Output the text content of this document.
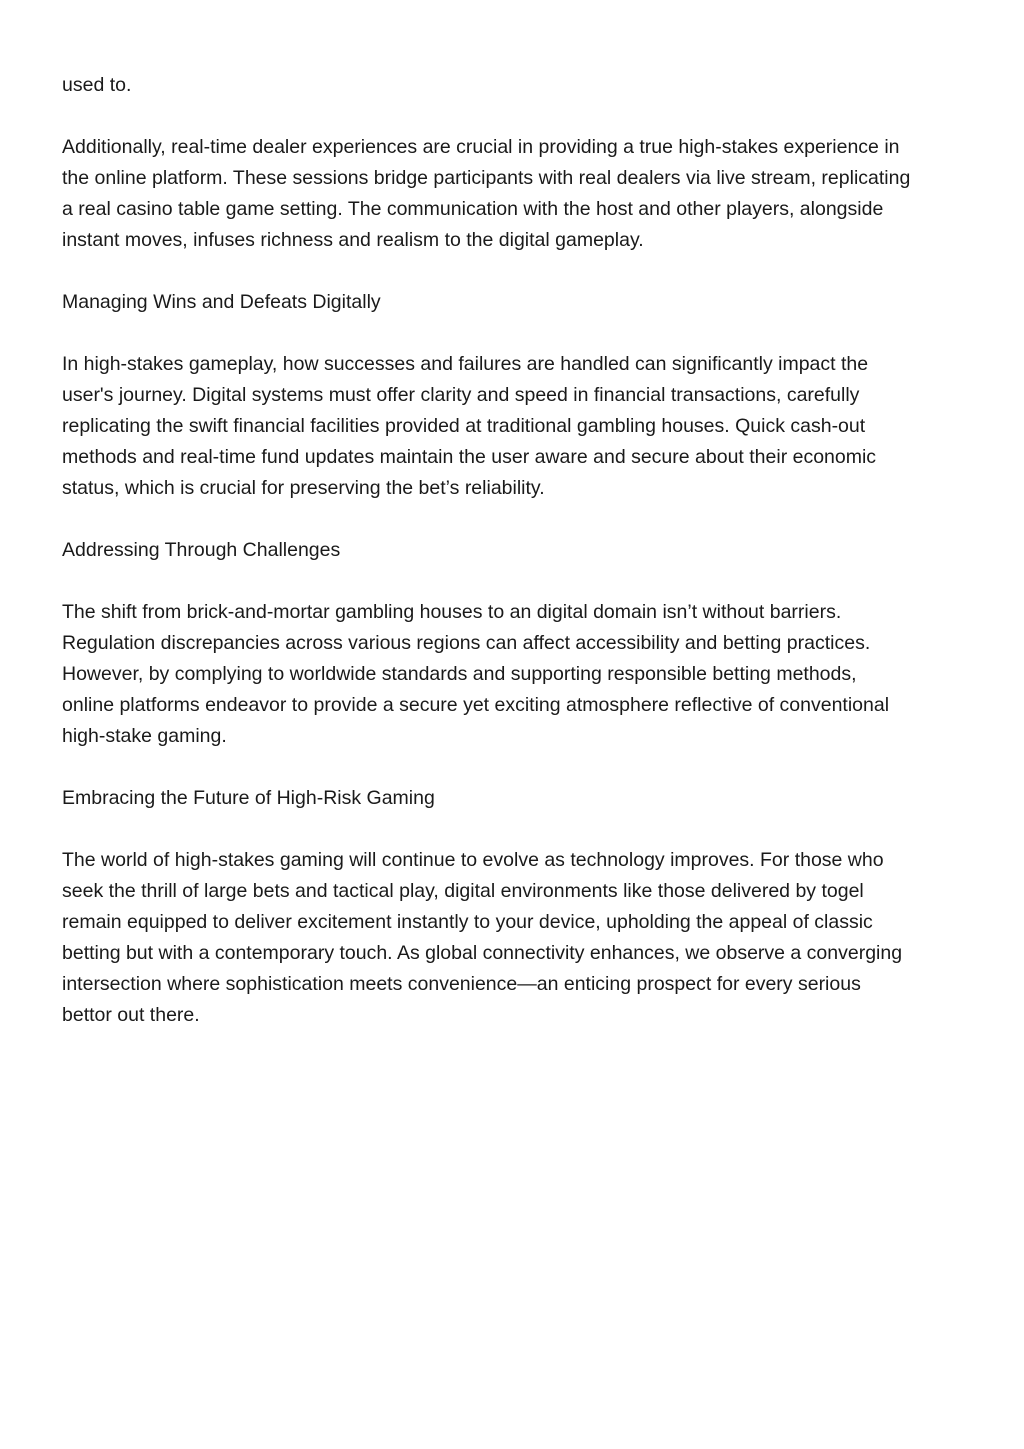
used to.

Additionally, real-time dealer experiences are crucial in providing a true high-stakes experience in
the online platform. These sessions bridge participants with real dealers via live stream, replicating
a real casino table game setting. The communication with the host and other players, alongside
instant moves, infuses richness and realism to the digital gameplay.

Managing Wins and Defeats Digitally

In high-stakes gameplay, how successes and failures are handled can significantly impact the
user's journey. Digital systems must offer clarity and speed in financial transactions, carefully
replicating the swift financial facilities provided at traditional gambling houses. Quick cash-out
methods and real-time fund updates maintain the user aware and secure about their economic
status, which is crucial for preserving the bet’s reliability.

Addressing Through Challenges

The shift from brick-and-mortar gambling houses to an digital domain isn’t without barriers.
Regulation discrepancies across various regions can affect accessibility and betting practices.
However, by complying to worldwide standards and supporting responsible betting methods,
online platforms endeavor to provide a secure yet exciting atmosphere reflective of conventional
high-stake gaming.

Embracing the Future of High-Risk Gaming

The world of high-stakes gaming will continue to evolve as technology improves. For those who
seek the thrill of large bets and tactical play, digital environments like those delivered by togel
remain equipped to deliver excitement instantly to your device, upholding the appeal of classic
betting but with a contemporary touch. As global connectivity enhances, we observe a converging
intersection where sophistication meets convenience—an enticing prospect for every serious
bettor out there.
